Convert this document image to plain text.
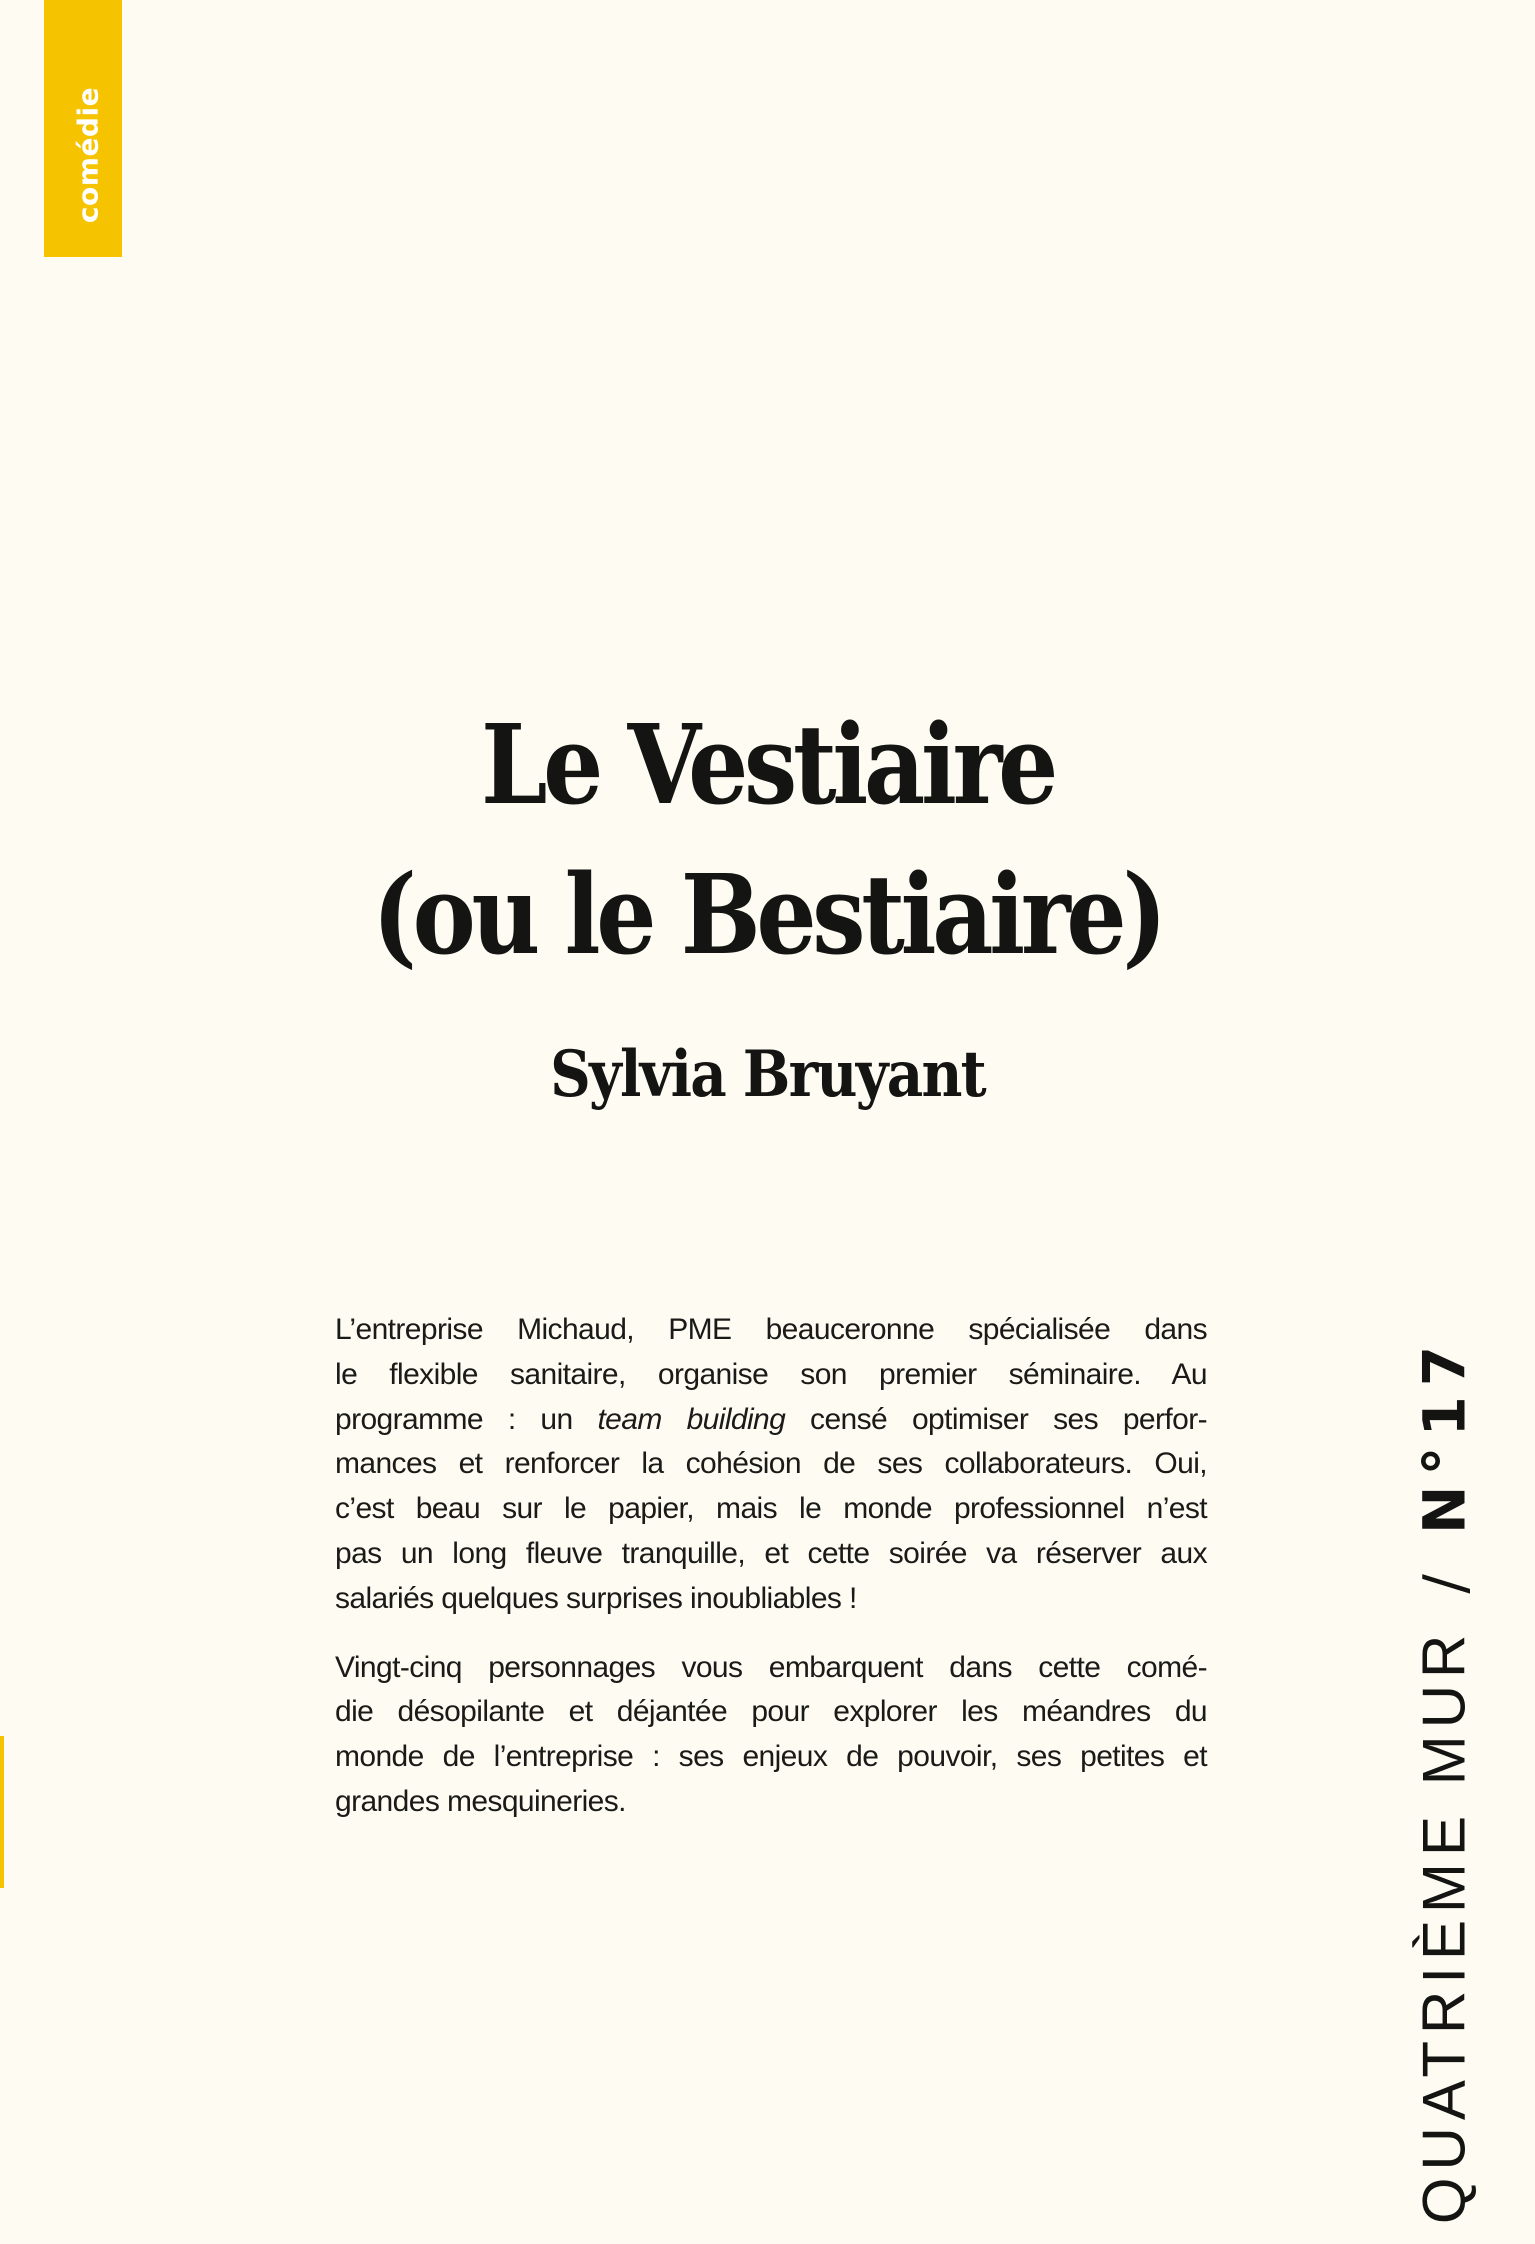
comédie
Le Vestiaire
(ou le Bestiaire)
Sylvia Bruyant

L’entreprise Michaud, PME beauceronne spécialisée dans
le flexible sanitaire, organise son premier séminaire. Au
programme : un team building censé optimiser ses perfor-
mances et renforcer la cohésion de ses collaborateurs. Oui,
c’est beau sur le papier, mais le monde professionnel n’est
pas un long fleuve tranquille, et cette soirée va réserver aux
salariés quelques surprises inoubliables !

Vingt-cinq personnages vous embarquent dans cette comé-
die désopilante et déjantée pour explorer les méandres du
monde de l’entreprise : ses enjeux de pouvoir, ses petites et
grandes mesquineries.	QUATRIÈME MUR/N°17
